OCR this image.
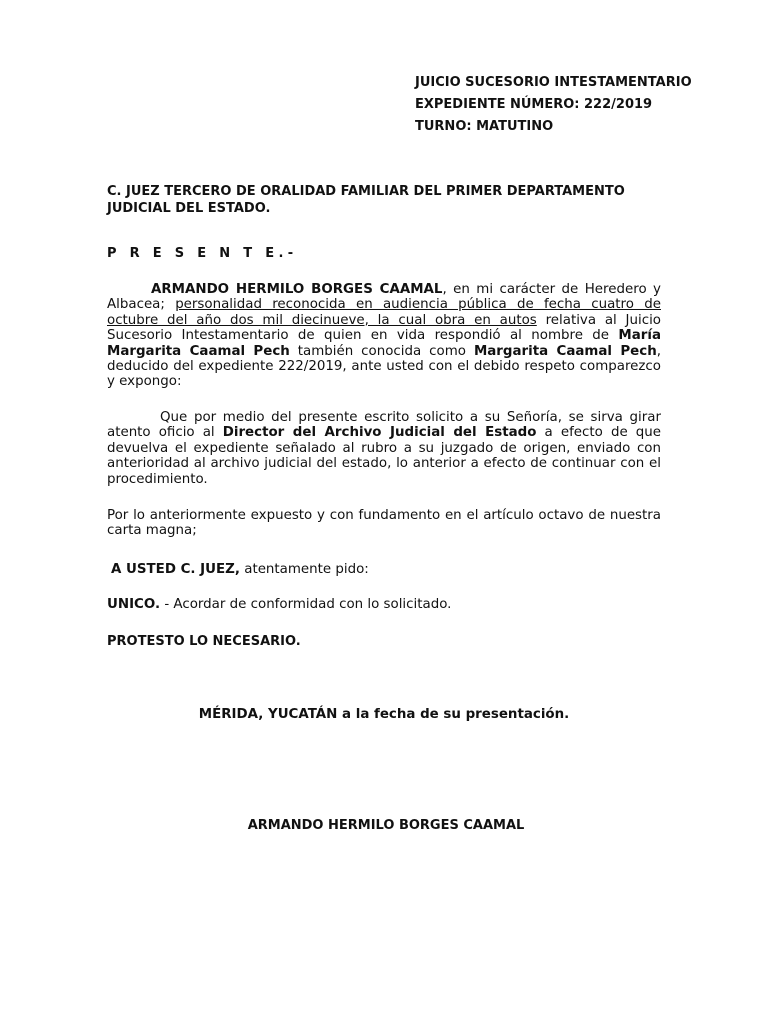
JUICIO SUCESORIO INTESTAMENTARIO
EXPEDIENTE NÚMERO: 222/2019
TURNO: MATUTINO
C. JUEZ TERCERO DE ORALIDAD FAMILIAR DEL PRIMER DEPARTAMENTO JUDICIAL DEL ESTADO.
P R E S E N T E.-
ARMANDO HERMILO BORGES CAAMAL, en mi carácter de Heredero y Albacea; personalidad reconocida en audiencia pública de fecha cuatro de octubre del año dos mil diecinueve, la cual obra en autos relativa al Juicio Sucesorio Intestamentario de quien en vida respondió al nombre de María Margarita Caamal Pech también conocida como Margarita Caamal Pech, deducido del expediente 222/2019, ante usted con el debido respeto comparezco y expongo:
Que por medio del presente escrito solicito a su Señoría, se sirva girar atento oficio al Director del Archivo Judicial del Estado a efecto de que devuelva el expediente señalado al rubro a su juzgado de origen, enviado con anterioridad al archivo judicial del estado, lo anterior a efecto de continuar con el procedimiento.
Por lo anteriormente expuesto y con fundamento en el artículo octavo de nuestra carta magna;
A USTED C. JUEZ, atentamente pido:
UNICO. - Acordar de conformidad con lo solicitado.
PROTESTO LO NECESARIO.
MÉRIDA, YUCATÁN a la fecha de su presentación.
ARMANDO HERMILO BORGES CAAMAL
